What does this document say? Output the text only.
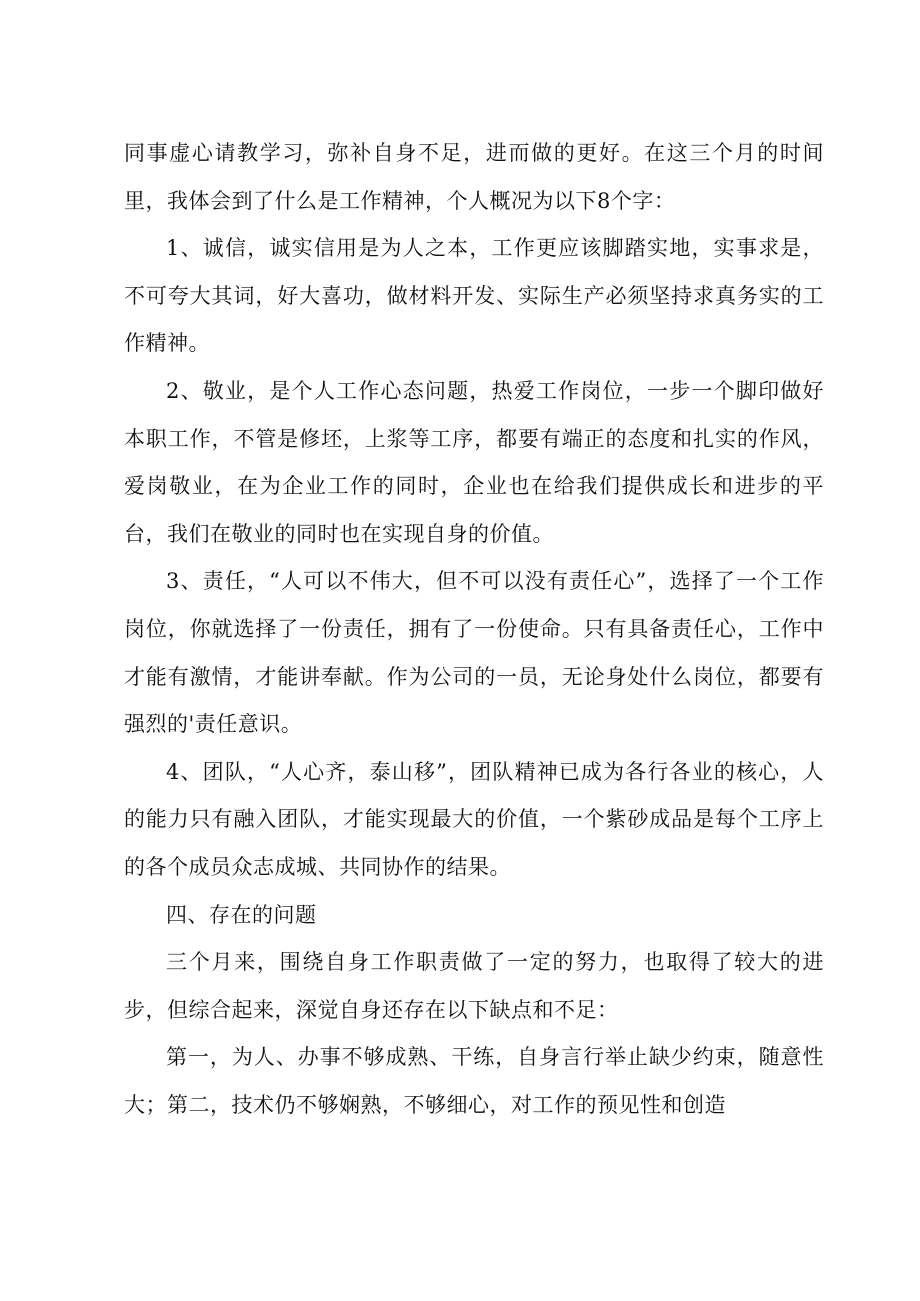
同事虚心请教学习，弥补自身不足，进而做的更好。在这三个月的时间里，我体会到了什么是工作精神，个人概况为以下8个字：

1、诚信，诚实信用是为人之本，工作更应该脚踏实地，实事求是，不可夸大其词，好大喜功，做材料开发、实际生产必须坚持求真务实的工作精神。

2、敬业，是个人工作心态问题，热爱工作岗位，一步一个脚印做好本职工作，不管是修坯，上浆等工序，都要有端正的态度和扎实的作风，爱岗敬业，在为企业工作的同时，企业也在给我们提供成长和进步的平台，我们在敬业的同时也在实现自身的价值。

3、责任，“人可以不伟大，但不可以没有责任心”，选择了一个工作岗位，你就选择了一份责任，拥有了一份使命。只有具备责任心，工作中才能有激情，才能讲奉献。作为公司的一员，无论身处什么岗位，都要有强烈的'责任意识。

4、团队，“人心齐，泰山移”，团队精神已成为各行各业的核心，人的能力只有融入团队，才能实现最大的价值，一个紫砂成品是每个工序上的各个成员众志成城、共同协作的结果。

四、存在的问题

三个月来，围绕自身工作职责做了一定的努力，也取得了较大的进步，但综合起来，深觉自身还存在以下缺点和不足：

第一，为人、办事不够成熟、干练，自身言行举止缺少约束，随意性大；第二，技术仍不够娴熟，不够细心，对工作的预见性和创造
